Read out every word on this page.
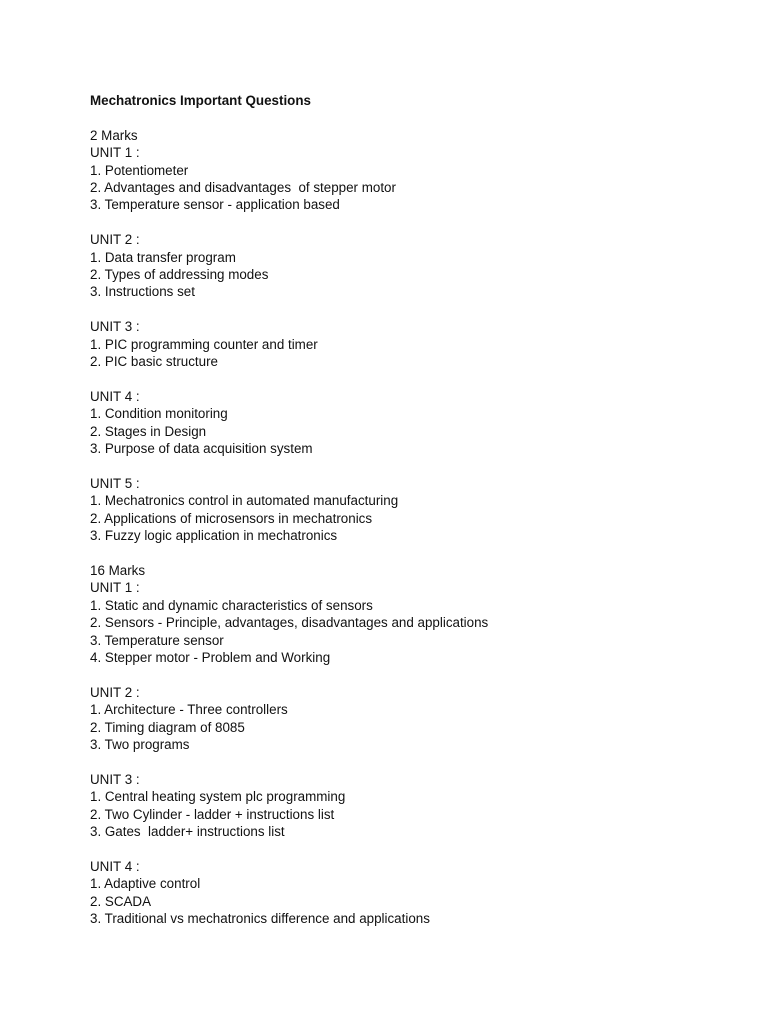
Mechatronics Important Questions
2 Marks
UNIT 1 :
1. Potentiometer
2. Advantages and disadvantages  of stepper motor
3. Temperature sensor - application based
UNIT 2 :
1. Data transfer program
2. Types of addressing modes
3. Instructions set
UNIT 3 :
1. PIC programming counter and timer
2. PIC basic structure
UNIT 4 :
1. Condition monitoring
2. Stages in Design
3. Purpose of data acquisition system
UNIT 5 :
1. Mechatronics control in automated manufacturing
2. Applications of microsensors in mechatronics
3. Fuzzy logic application in mechatronics
16 Marks
UNIT 1 :
1. Static and dynamic characteristics of sensors
2. Sensors - Principle, advantages, disadvantages and applications
3. Temperature sensor
4. Stepper motor - Problem and Working
UNIT 2 :
1. Architecture - Three controllers
2. Timing diagram of 8085
3. Two programs
UNIT 3 :
1. Central heating system plc programming
2. Two Cylinder - ladder + instructions list
3. Gates  ladder+ instructions list
UNIT 4 :
1. Adaptive control
2. SCADA
3. Traditional vs mechatronics difference and applications
